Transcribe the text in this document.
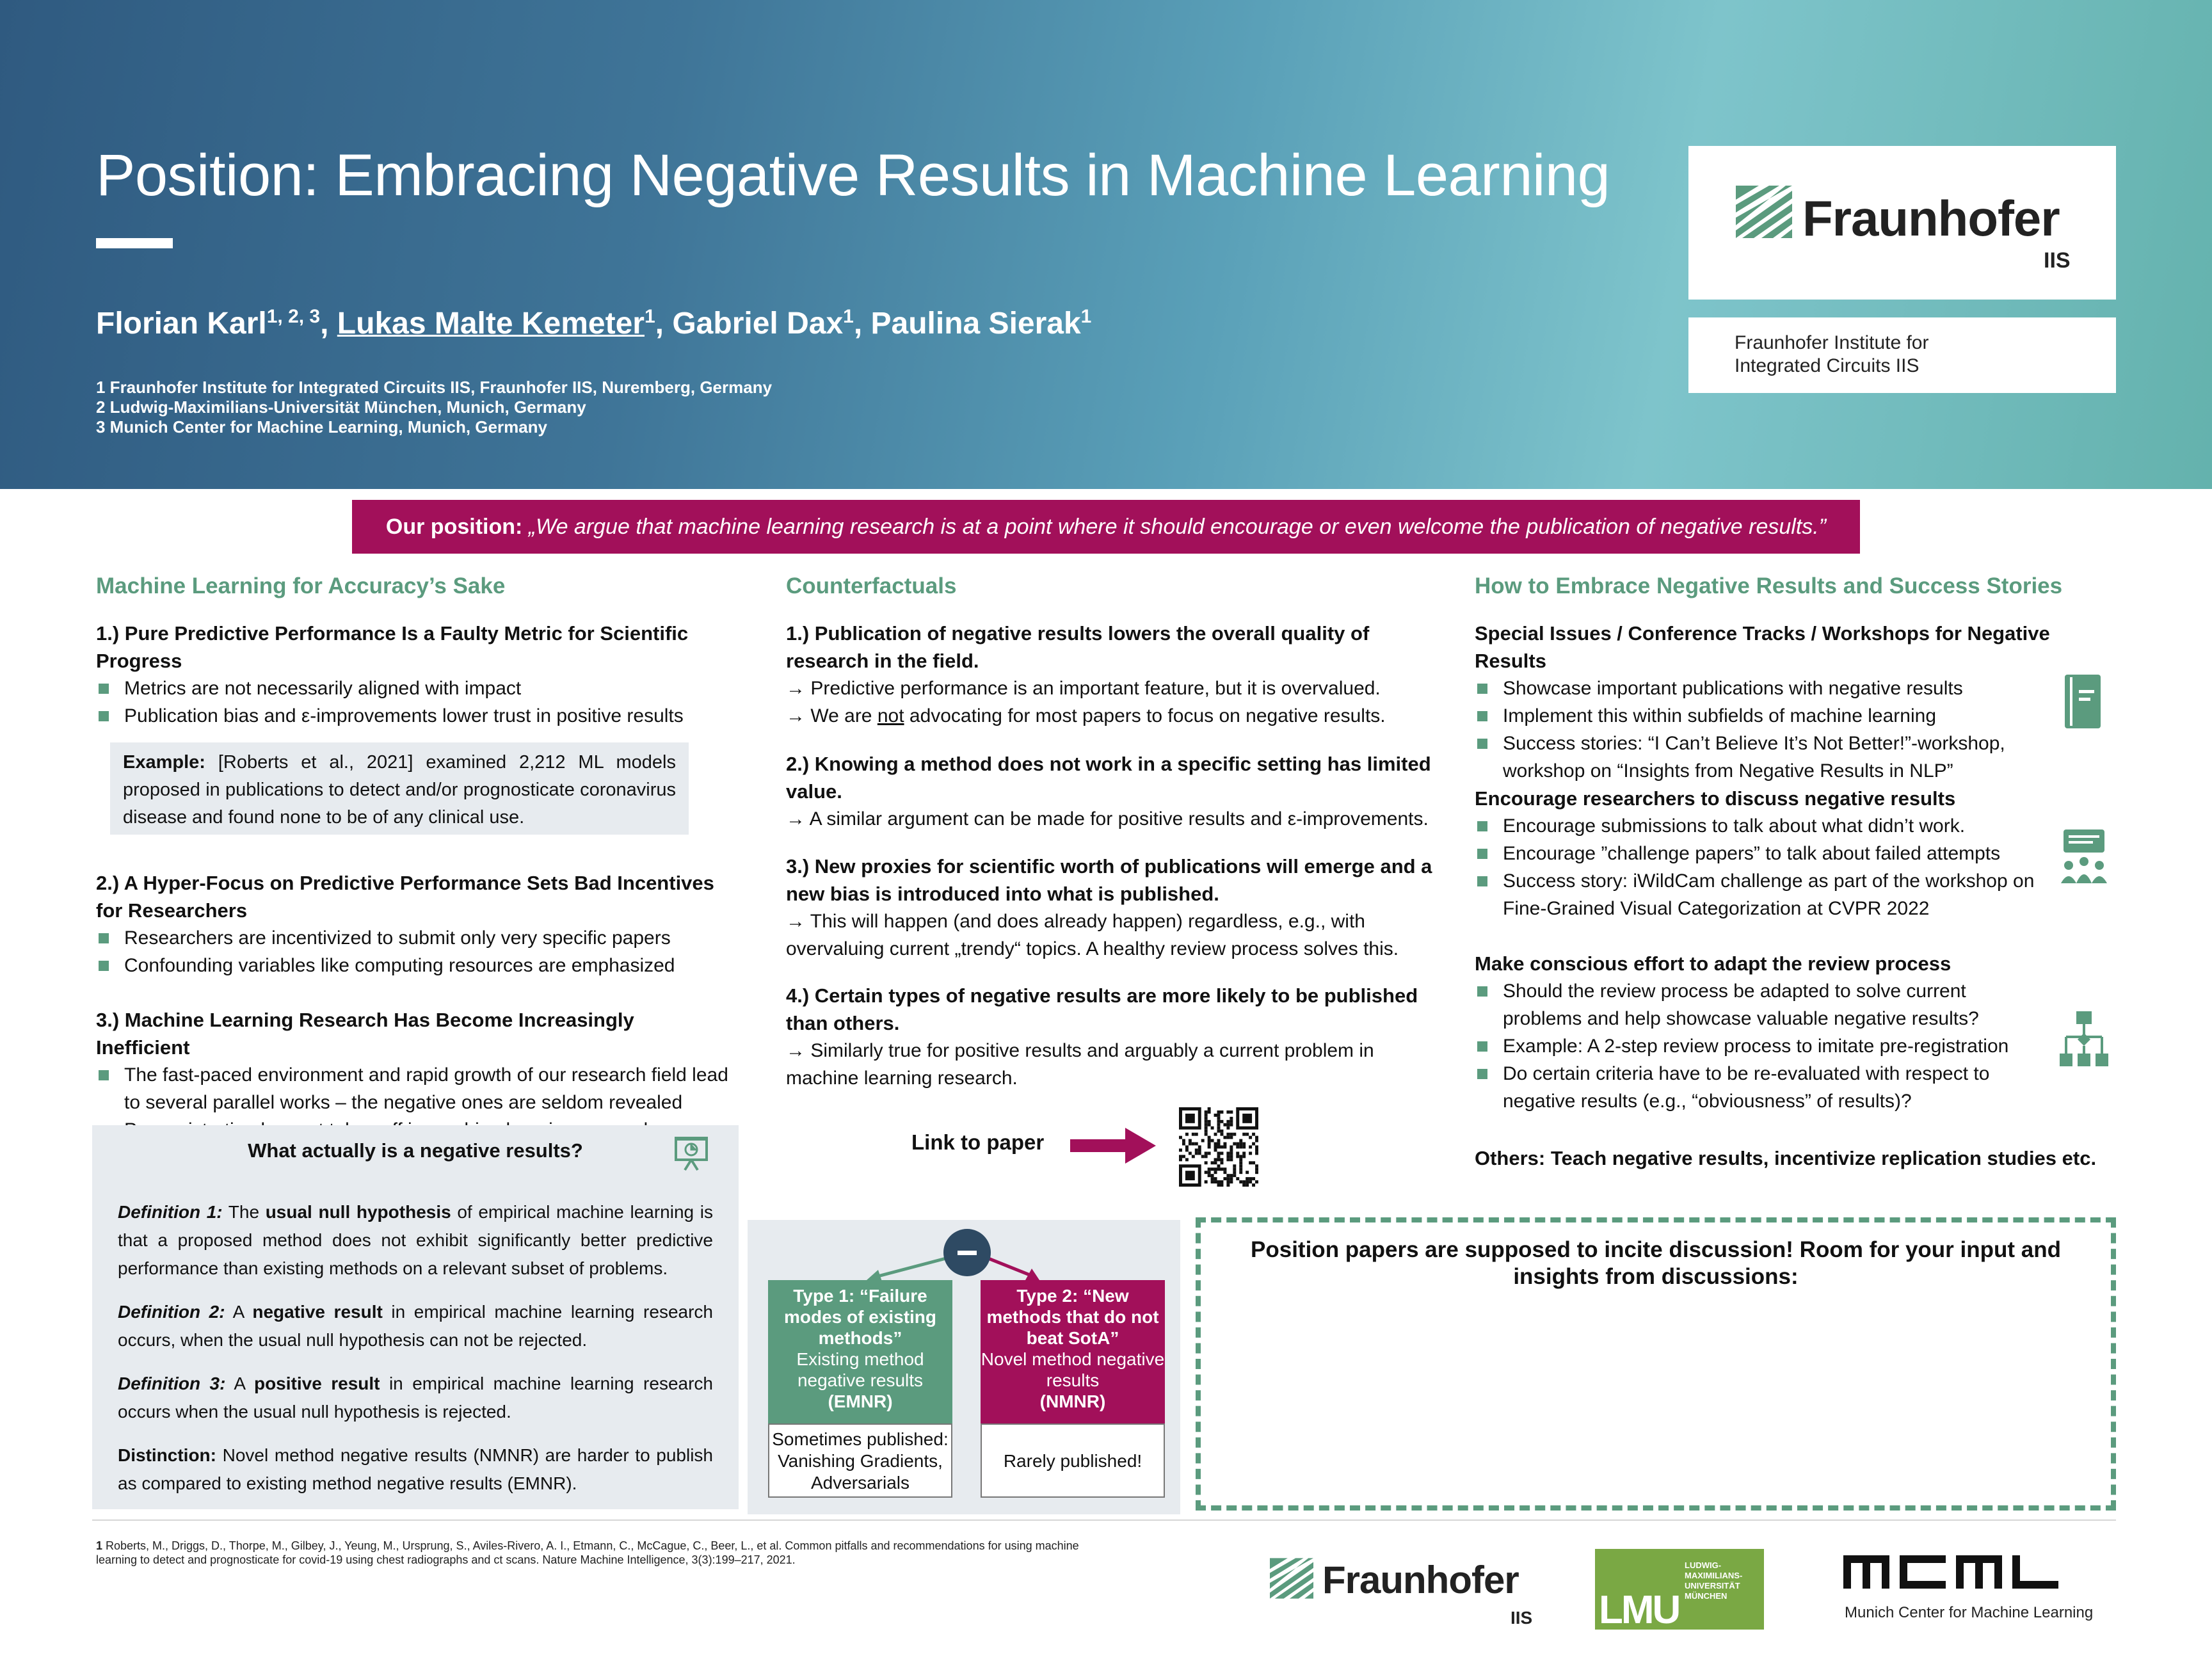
Position: Embracing Negative Results in Machine Learning
Florian Karl$^{1, 2, 3}$, Lukas Malte Kemeter$^1$, Gabriel Dax$^1$, Paulina Sierak$^1$
1 Fraunhofer Institute for Integrated Circuits IIS, Fraunhofer IIS, Nuremberg, Germany
2 Ludwig-Maximilians-Universität München, Munich, Germany
3 Munich Center for Machine Learning, Munich, Germany
Fraunhofer
IIS
Fraunhofer Institute for
Integrated Circuits IIS
Our position: „We argue that machine learning research is at a point where it should encourage or even welcome the publication of negative results.”
Machine Learning for Accuracy’s Sake
1.) Pure Predictive Performance Is a Faulty Metric for Scientific Progress
Metrics are not necessarily aligned with impact
Publication bias and ε-improvements lower trust in positive results
Example: [Roberts et al., 2021] examined 2,212 ML models proposed in publications to detect and/or prognosticate coronavirus disease and found none to be of any clinical use.
2.) A Hyper-Focus on Predictive Performance Sets Bad Incentives for Researchers
Researchers are incentivized to submit only very specific papers
Confounding variables like computing resources are emphasized
3.) Machine Learning Research Has Become Increasingly Inefficient
The fast-paced environment and rapid growth of our research field lead to several parallel works – the negative ones are seldom revealed
What actually is a negative results?

Definition 1: The usual null hypothesis of empirical machine learning is that a proposed method does not exhibit significantly better predictive performance than existing methods on a relevant subset of problems.

Definition 2: A negative result in empirical machine learning research occurs, when the usual null hypothesis can not be rejected.

Definition 3: A positive result in empirical machine learning research occurs when the usual null hypothesis is rejected.

Distinction: Novel method negative results (NMNR) are harder to publish as compared to existing method negative results (EMNR).

Counterfactuals
1.) Publication of negative results lowers the overall quality of research in the field.
→ Predictive performance is an important feature, but it is overvalued.
→ We are not advocating for most papers to focus on negative results.
2.) Knowing a method does not work in a specific setting has limited value.
→ A similar argument can be made for positive results and ε-improvements.
3.) New proxies for scientific worth of publications will emerge and a new bias is introduced into what is published.
→ This will happen (and does already happen) regardless, e.g., with overvaluing current „trendy“ topics. A healthy review process solves this.
4.) Certain types of negative results are more likely to be published than others.
→ Similarly true for positive results and arguably a current problem in machine learning research.
Link to paper
Type 1: “Failure modes of existing methods”
Existing method negative results
(EMNR)
Sometimes published: Vanishing Gradients, Adversarials
Type 2: “New methods that do not beat SotA”
Novel method negative results
(NMNR)
Rarely published!
How to Embrace Negative Results and Success Stories
Special Issues / Conference Tracks / Workshops for Negative Results
Showcase important publications with negative results
Implement this within subfields of machine learning
Success stories: “I Can’t Believe It’s Not Better!”-workshop, workshop on “Insights from Negative Results in NLP”
Encourage researchers to discuss negative results
Encourage submissions to talk about what didn’t work.
Encourage ”challenge papers” to talk about failed attempts
Success story: iWildCam challenge as part of the workshop on Fine-Grained Visual Categorization at CVPR 2022
Make conscious effort to adapt the review process
Should the review process be adapted to solve current problems and help showcase valuable negative results?
Example: A 2-step review process to imitate pre-registration
Do certain criteria have to be re-evaluated with respect to negative results (e.g., “obviousness” of results)?
Others: Teach negative results, incentivize replication studies etc.
Position papers are supposed to incite discussion! Room for your input and insights from discussions:
1 Roberts, M., Driggs, D., Thorpe, M., Gilbey, J., Yeung, M., Ursprung, S., Aviles-Rivero, A. I., Etmann, C., McCague, C., Beer, L., et al. Common pitfalls and recommendations for using machine learning to detect and prognosticate for covid-19 using chest radiographs and ct scans. Nature Machine Intelligence, 3(3):199–217, 2021.	Fraunhofer
IIS LMU
LUDWIG-
MAXIMILIANS-
UNIVERSITÄT
MÜNCHEN
Munich Center for Machine Learning
